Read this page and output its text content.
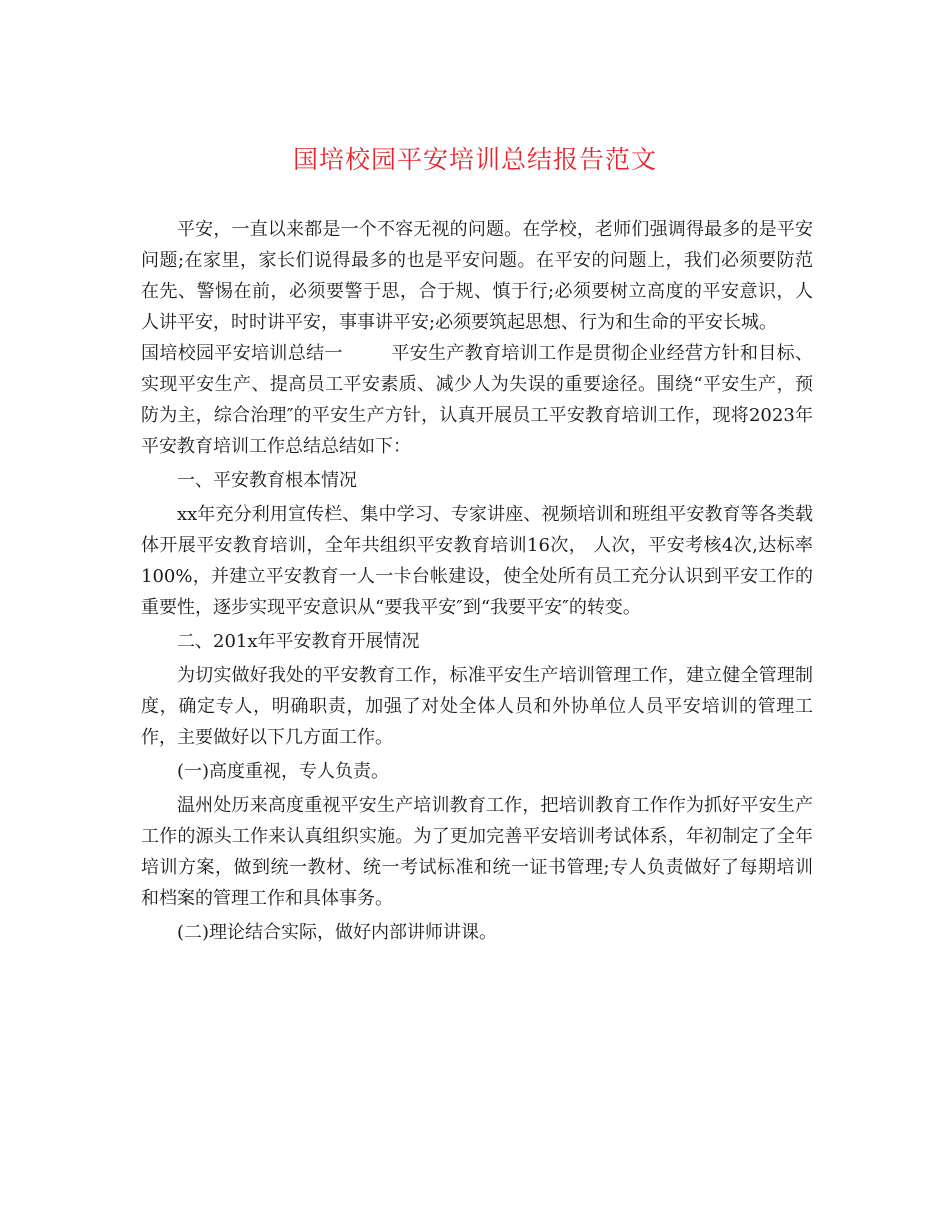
国培校园平安培训总结报告范文

平安，一直以来都是一个不容无视的问题。在学校，老师们强调得最多的是平安问题;在家里，家长们说得最多的也是平安问题。在平安的问题上，我们必须要防范在先、警惕在前，必须要警于思，合于规、慎于行;必须要树立高度的平安意识，人人讲平安，时时讲平安，事事讲平安;必须要筑起思想、行为和生命的平安长城。

国培校园平安培训总结一	平安生产教育培训工作是贯彻企业经营方针和目标、实现平安生产、提高员工平安素质、减少人为失误的重要途径。围绕“平安生产，预防为主，综合治理″的平安生产方针，认真开展员工平安教育培训工作，现将2023年平安教育培训工作总结总结如下：

一、平安教育根本情况

xx年充分利用宣传栏、集中学习、专家讲座、视频培训和班组平安教育等各类载体开展平安教育培训，全年共组织平安教育培训16次， 人次，平安考核4次,达标率100%，并建立平安教育一人一卡台帐建设，使全处所有员工充分认识到平安工作的重要性，逐步实现平安意识从“要我平安″到“我要平安″的转变。

二、201x年平安教育开展情况

为切实做好我处的平安教育工作，标准平安生产培训管理工作，建立健全管理制度，确定专人，明确职责，加强了对处全体人员和外协单位人员平安培训的管理工作，主要做好以下几方面工作。

(一)高度重视，专人负责。

温州处历来高度重视平安生产培训教育工作，把培训教育工作作为抓好平安生产工作的源头工作来认真组织实施。为了更加完善平安培训考试体系，年初制定了全年培训方案，做到统一教材、统一考试标准和统一证书管理;专人负责做好了每期培训和档案的管理工作和具体事务。

(二)理论结合实际，做好内部讲师讲课。
